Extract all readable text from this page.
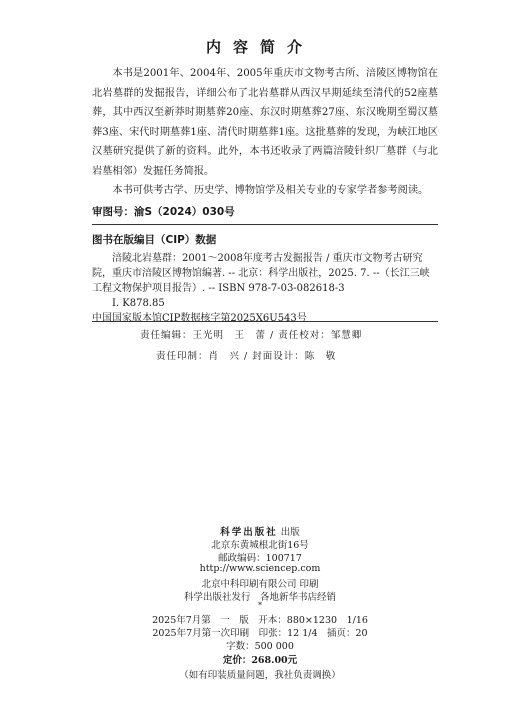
内容简介

本书是2001年、2004年、2005年重庆市文物考古所、涪陵区博物馆在北岩墓群的发掘报告，详细公布了北岩墓群从西汉早期延续至清代的52座墓葬，其中西汉至新莽时期墓葬20座、东汉时期墓葬27座、东汉晚期至蜀汉墓葬3座、宋代时期墓葬1座、清代时期墓葬1座。这批墓葬的发现，为峡江地区汉墓研究提供了新的资料。此外，本书还收录了两篇涪陵针织厂墓群（与北岩墓相邻）发掘任务简报。

本书可供考古学、历史学、博物馆学及相关专业的专家学者参考阅读。

审图号：渝S（2024）030号
图书在版编目（CIP）数据

涪陵北岩墓群：2001～2008年度考古发掘报告 / 重庆市文物考古研究院，重庆市涪陵区博物馆编著. -- 北京：科学出版社，2025. 7. --（长江三峡工程文物保护项目报告）. -- ISBN 978-7-03-082618-3

Ⅰ. K878.85

中国国家版本馆CIP数据核字第2025X6U543号

责任编辑：王光明　王　蕾 / 责任校对：邹慧卿
责任印制：肖　兴 / 封面设计：陈　敬
科学出版社 出版
北京东黄城根北街16号
邮政编码：100717
http://www.sciencep.com
北京中科印刷有限公司 印刷
科学出版社发行　各地新华书店经销
*
2025年7月第　一　版　开本：880×1230　1/16
2025年7月第一次印刷　印张：12 1/4　插页：20
字数：500 000
定价：268.00元
（如有印装质量问题，我社负责调换）
